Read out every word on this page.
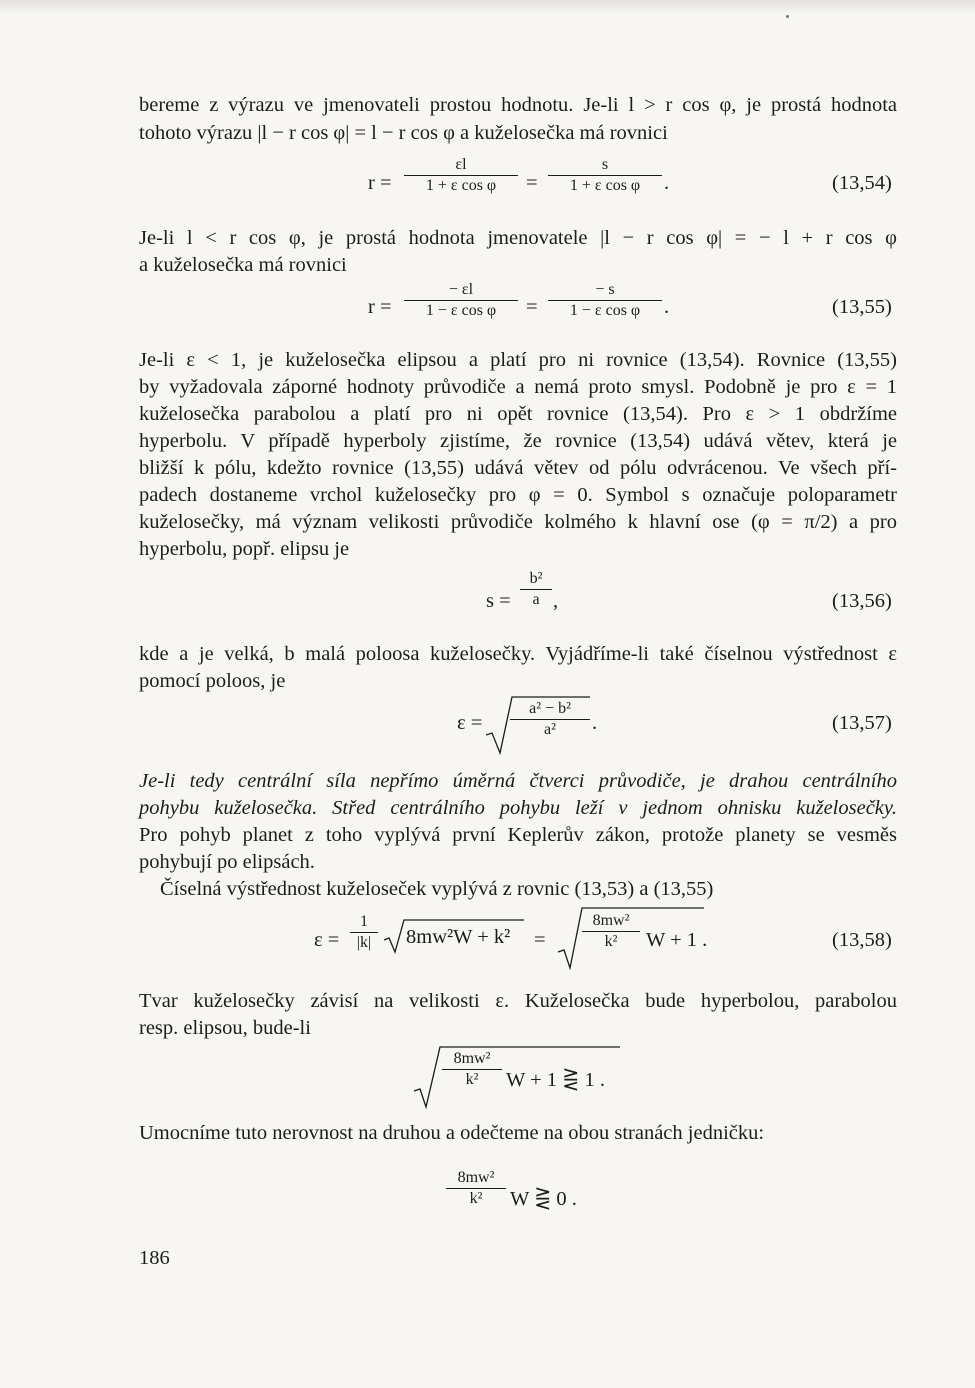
bereme z výrazu ve jmenovateli prostou hodnotu. Je-li l > r cos φ, je prostá hodnota
tohoto výrazu |l − r cos φ| = l − r cos φ a kuželosečka má rovnici
$r = \frac{\varepsilon l}{\text{1 + ε cos φ}} = \frac{s}{\text{1 + ε cos φ}}$ .	(13,54)
Je-li l < r cos φ, je prostá hodnota jmenovatele |l − r cos φ| = − l + r cos φ
a kuželosečka má rovnici
$r = \frac{- \varepsilon l}{\text{1 − ε cos φ}} = \frac{- s}{\text{1 − ε cos φ}}$ .	(13,55)
Je-li ε < 1, je kuželosečka elipsou a platí pro ni rovnice (13,54). Rovnice (13,55)
by vyžadovala záporné hodnoty průvodiče a nemá proto smysl. Podobně je pro ε = 1
kuželosečka parabolou a platí pro ni opět rovnice (13,54). Pro ε > 1 obdržíme
hyperbolu. V případě hyperboly zjistíme, že rovnice (13,54) udává větev, která je
bližší k pólu, kdežto rovnice (13,55) udává větev od pólu odvrácenou. Ve všech pří-
padech dostaneme vrchol kuželosečky pro φ = 0. Symbol s označuje poloparametr
kuželosečky, má význam velikosti průvodiče kolmého k hlavní ose (φ = π/2) a pro
hyperbolu, popř. elipsu je
$s = \frac{\text{b²}}{a}$ ,	(13,56)
kde a je velká, b malá poloosa kuželosečky. Vyjádříme-li také číselnou výstřednost ε
pomocí poloos, je
$\varepsilon = \frac{\text{a² − b²}}{\text{a²}}$ .	(13,57)
Je-li tedy centrální síla nepřímo úměrná čtverci průvodiče, je drahou centrálního
pohybu kuželosečka. Střed centrálního pohybu leží v jednom ohnisku kuželosečky.
Pro pohyb planet z toho vyplývá první Keplerův zákon, protože planety se vesměs
pohybují po elipsách.
Číselná výstřednost kuželoseček vyplývá z rovnic (13,53) a (13,55)
$\varepsilon = \frac{1}{|k|} 8mw^2W + k^2 = \frac{\text{8mw²}}{\text{k²}}$ W + 1 .	(13,58)
Tvar kuželosečky závisí na velikosti ε. Kuželosečka bude hyperbolou, parabolou
resp. elipsou, bude-li
$\frac{\text{8mw²}}{\text{k²}}$ W + 1 ⋛ 1 .
Umocníme tuto nerovnost na druhou a odečteme na obou stranách jedničku:
$\frac{\text{8mw²}}{\text{k²}}$ W ⋛ 0 .
186
